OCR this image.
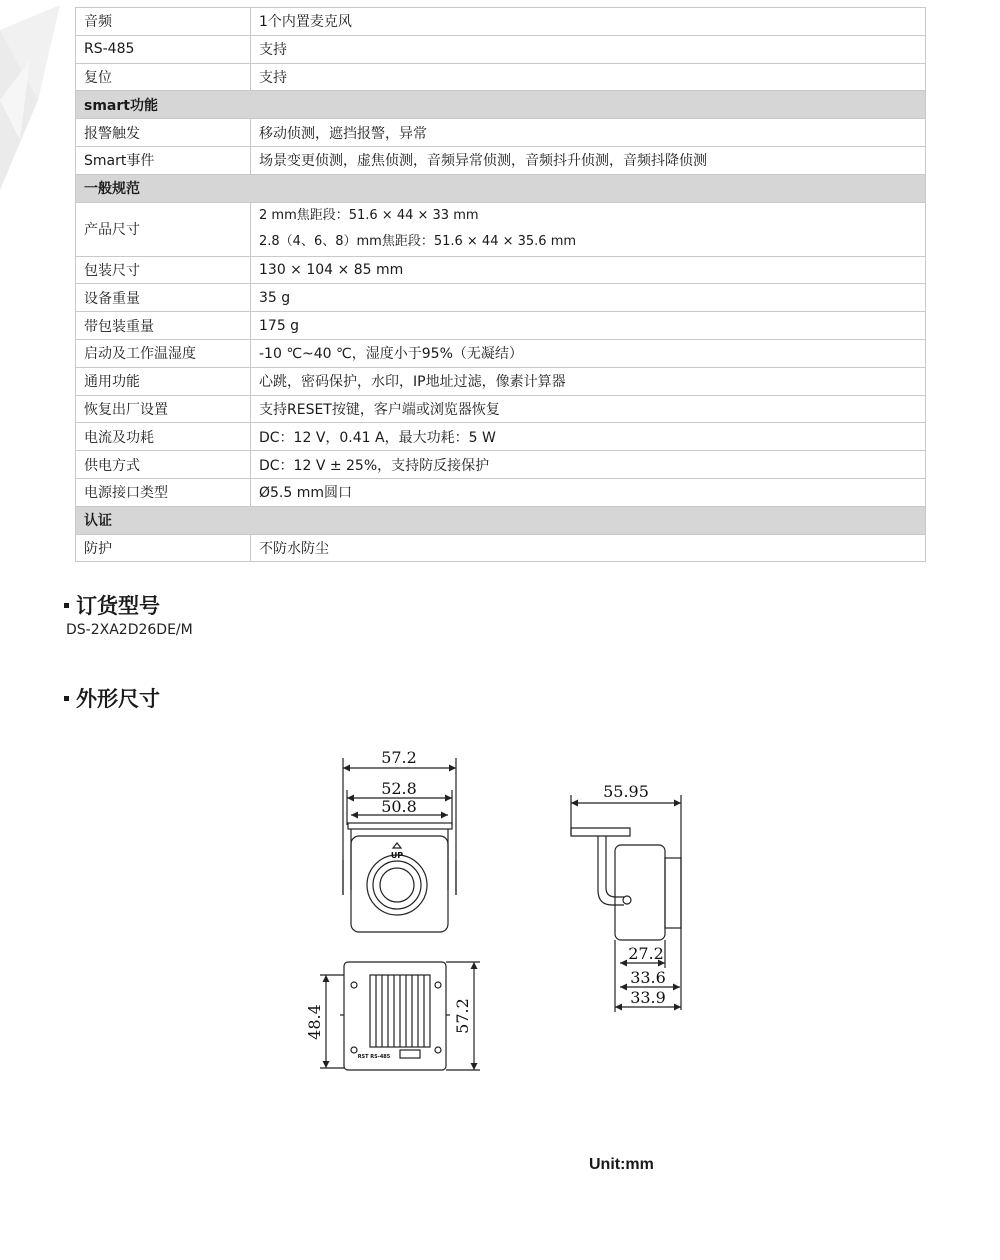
音频	1个内置麦克风
RS-485	支持
复位	支持
smart功能	
报警触发	移动侦测，遮挡报警，异常
Smart事件	场景变更侦测，虚焦侦测，音频异常侦测，音频抖升侦测，音频抖降侦测
一般规范	
产品尺寸	2 mm焦距段：51.6 × 44 × 33 mm
2.8（4、6、8）mm焦距段：51.6 × 44 × 35.6 mm

包装尺寸	130 × 104 × 85 mm
设备重量	35 g
带包装重量	175 g
启动及工作温湿度	-10 ℃~40 ℃，湿度小于95%（无凝结）
通用功能	心跳，密码保护，水印，IP地址过滤，像素计算器
恢复出厂设置	支持RESET按键，客户端或浏览器恢复
电流及功耗	DC：12 V，0.41 A，最大功耗：5 W
供电方式	DC：12 V ± 25%，支持防反接保护
电源接口类型	Ø5.5 mm圆口
认证	
防护	不防水防尘
订货型号
DS-2XA2D26DE/M
外形尺寸
57.2
52.8
50.8
UP
55.95
27.2
33.6
33.9
48.4	57.2
RST RS-485
Unit:mm
